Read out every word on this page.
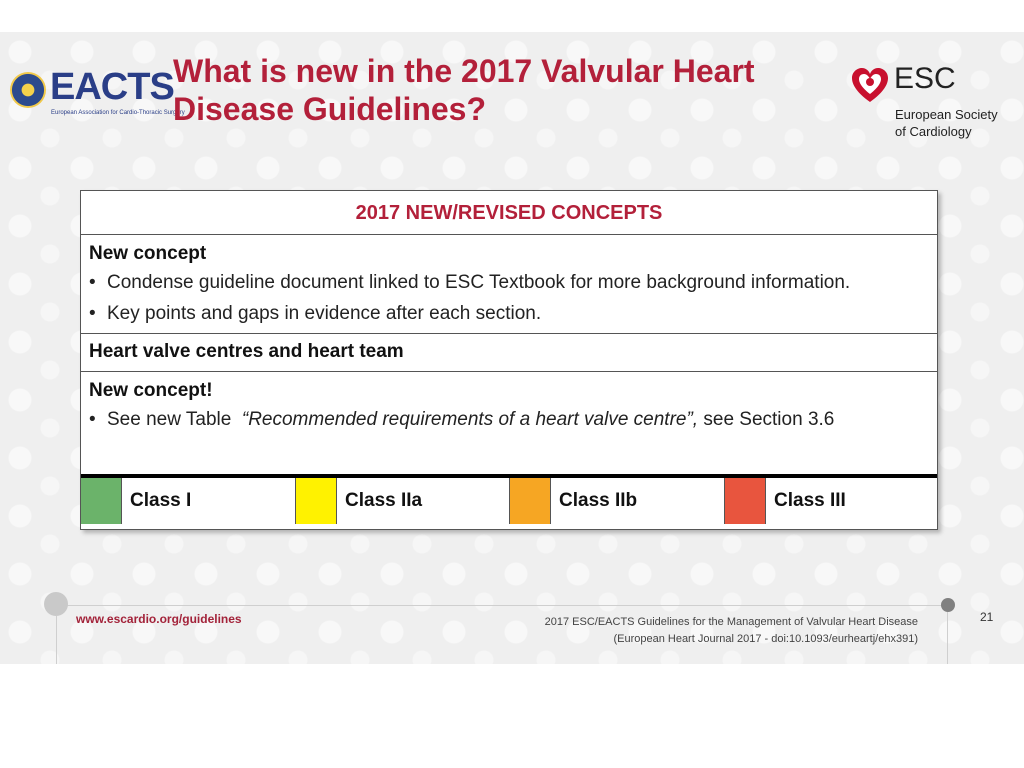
EACTS
European Association for Cardio-Thoracic Surgery
What is new in the 2017 Valvular Heart
Disease Guidelines?
ESC
European Society
of Cardiology
2017 NEW/REVISED CONCEPTS
New concept
• Condense guideline document linked to ESC Textbook for more background information.
• Key points and gaps in evidence after each section.
Heart valve centres and heart team
New concept!
• See new Table “Recommended requirements of a heart valve centre”, see Section 3.6
Class I	Class IIa	Class IIb	Class III
www.escardio.org/guidelines	2017 ESC/EACTS Guidelines for the Management of Valvular Heart Disease
(European Heart Journal 2017 - doi:10.1093/eurheartj/ehx391)
21
